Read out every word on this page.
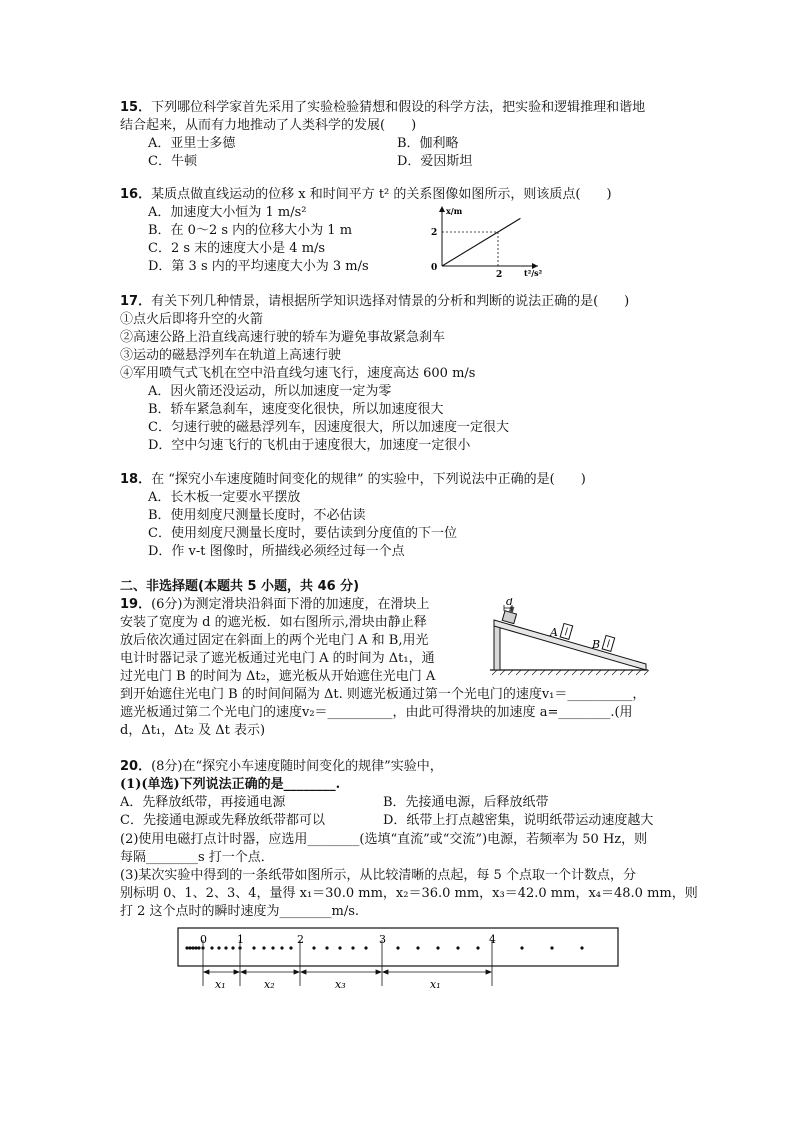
15．下列哪位科学家首先采用了实验检验猜想和假设的科学方法，把实验和逻辑推理和谐地
结合起来，从而有力地推动了人类科学的发展(　　)
A．亚里士多德	B．伽利略
C．牛顿	D．爱因斯坦
16．某质点做直线运动的位移 x 和时间平方 t² 的关系图像如图所示，则该质点(　　)
A．加速度大小恒为 1 m/s²
B．在 0～2 s 内的位移大小为 1 m
C．2 s 末的速度大小是 4 m/s
D．第 3 s 内的平均速度大小为 3 m/s
x/m
t²/s²
0
2
2
17．有关下列几种情景，请根据所学知识选择对情景的分析和判断的说法正确的是(　　)
①点火后即将升空的火箭
②高速公路上沿直线高速行驶的轿车为避免事故紧急刹车
③运动的磁悬浮列车在轨道上高速行驶
④军用喷气式飞机在空中沿直线匀速飞行，速度高达 600 m/s
A．因火箭还没运动，所以加速度一定为零
B．轿车紧急刹车，速度变化很快，所以加速度很大
C．匀速行驶的磁悬浮列车，因速度很大，所以加速度一定很大
D．空中匀速飞行的飞机由于速度很大，加速度一定很小
18．在 “探究小车速度随时间变化的规律” 的实验中，下列说法中正确的是(　　)
A．长木板一定要水平摆放
B．使用刻度尺测量长度时，不必估读
C．使用刻度尺测量长度时，要估读到分度值的下一位
D．作 v-t 图像时，所描线必须经过每一个点
二、非选择题(本题共 5 小题，共 46 分)
19．(6分)为测定滑块沿斜面下滑的加速度，在滑块上
安装了宽度为 d 的遮光板．如右图所示,滑块由静止释
放后依次通过固定在斜面上的两个光电门 A 和 B,用光
电计时器记录了遮光板通过光电门 A 的时间为 Δt₁，通
过光电门 B 的时间为 Δt₂，遮光板从开始遮住光电门 A
到开始遮住光电门 B 的时间间隔为 Δt. 则遮光板通过第一个光电门的速度v₁＝__________，
遮光板通过第二个光电门的速度v₂＝__________，由此可得滑块的加速度 a=________.(用
d，Δt₁，Δt₂ 及 Δt 表示)
d
A
B
20．(8分)在“探究小车速度随时间变化的规律”实验中，
(1)(单选)下列说法正确的是________.
A．先释放纸带，再接通电源	B．先接通电源，后释放纸带
C．先接通电源或先释放纸带都可以	D．纸带上打点越密集，说明纸带运动速度越大
(2)使用电磁打点计时器，应选用________(选填“直流”或“交流”)电源，若频率为 50 Hz，则
每隔________s 打一个点．
(3)某次实验中得到的一条纸带如图所示，从比较清晰的点起，每 5 个点取一个计数点，分
别标明 0、1、2、3、4，量得 x₁＝30.0 mm，x₂＝36.0 mm，x₃＝42.0 mm，x₄＝48.0 mm，则
打 2 这个点时的瞬时速度为________m/s.
0	1	2	3	4
x₁	x₂	x₃	x₁
